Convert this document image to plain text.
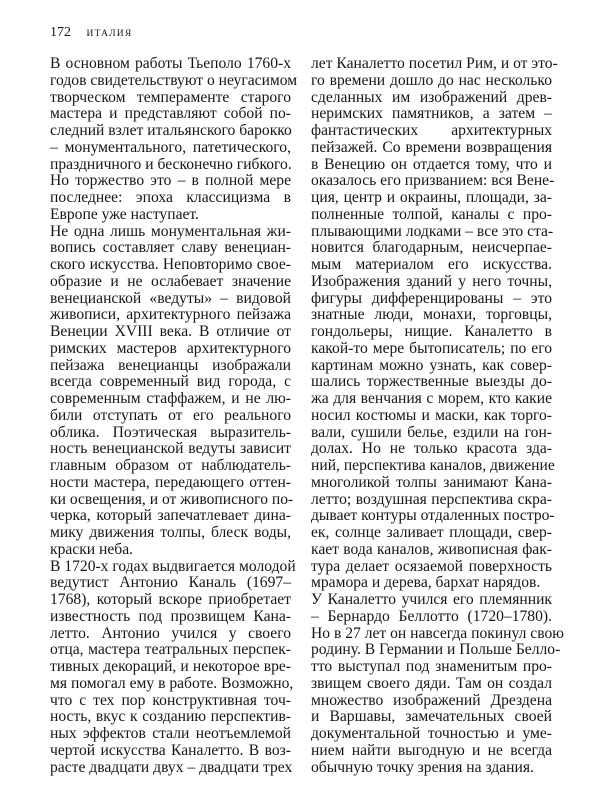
172 ИТАЛИЯ
В основном работы Тьеполо 1760-х
годов свидетельствуют о неугасимом
творческом темпераменте старого
мастера и представляют собой по-
следний взлет итальянского барокко
– монументального, патетического,
праздничного и бесконечно гибкого.
Но торжество это – в полной мере
последнее: эпоха классицизма в
Европе уже наступает.
Не одна лишь монументальная жи-
вопись составляет славу венециан-
ского искусства. Неповторимо свое-
образие и не ослабевает значение
венецианской «ведуты» – видовой
живописи, архитектурного пейзажа
Венеции XVIII века. В отличие от
римских мастеров архитектурного
пейзажа венецианцы изображали
всегда современный вид города, с
современным стаффажем, и не лю-
били отступать от его реального
облика. Поэтическая выразитель-
ность венецианской ведуты зависит
главным образом от наблюдатель-
ности мастера, передающего оттен-
ки освещения, и от живописного по-
черка, который запечатлевает дина-
мику движения толпы, блеск воды,
краски неба.
В 1720-х годах выдвигается молодой
ведутист Антонио Каналь (1697–
1768), который вскоре приобретает
известность под прозвищем Кана-
летто. Антонио учился у своего
отца, мастера театральных перспек-
тивных декораций, и некоторое вре-
мя помогал ему в работе. Возможно,
что с тех пор конструктивная точ-
ность, вкус к созданию перспектив-
ных эффектов стали неотъемлемой
чертой искусства Каналетто. В воз-
расте двадцати двух – двадцати трех
лет Каналетто посетил Рим, и от это-
го времени дошло до нас несколько
сделанных им изображений древ-
неримских памятников, а затем –
фантастических архитектурных
пейзажей. Со времени возвращения
в Венецию он отдается тому, что и
оказалось его призванием: вся Вене-
ция, центр и окраины, площади, за-
полненные толпой, каналы с про-
плывающими лодками – все это ста-
новится благодарным, неисчерпае-
мым материалом его искусства.
Изображения зданий у него точны,
фигуры дифференцированы – это
знатные люди, монахи, торговцы,
гондольеры, нищие. Каналетто в
какой-то мере бытописатель; по его
картинам можно узнать, как совер-
шались торжественные выезды до-
жа для венчания с морем, кто какие
носил костюмы и маски, как торго-
вали, сушили белье, ездили на гон-
долах. Но не только красота зда-
ний, перспектива каналов, движение
многоликой толпы занимают Кана-
летто; воздушная перспектива скра-
дывает контуры отдаленных постро-
ек, солнце заливает площади, свер-
кает вода каналов, живописная фак-
тура делает осязаемой поверхность
мрамора и дерева, бархат нарядов.
У Каналетто учился его племянник
– Бернардо Беллотто (1720–1780).
Но в 27 лет он навсегда покинул свою
родину. В Германии и Польше Белло-
тто выступал под знаменитым про-
звищем своего дяди. Там он создал
множество изображений Дрездена
и Варшавы, замечательных своей
документальной точностью и уме-
нием найти выгодную и не всегда
обычную точку зрения на здания.
